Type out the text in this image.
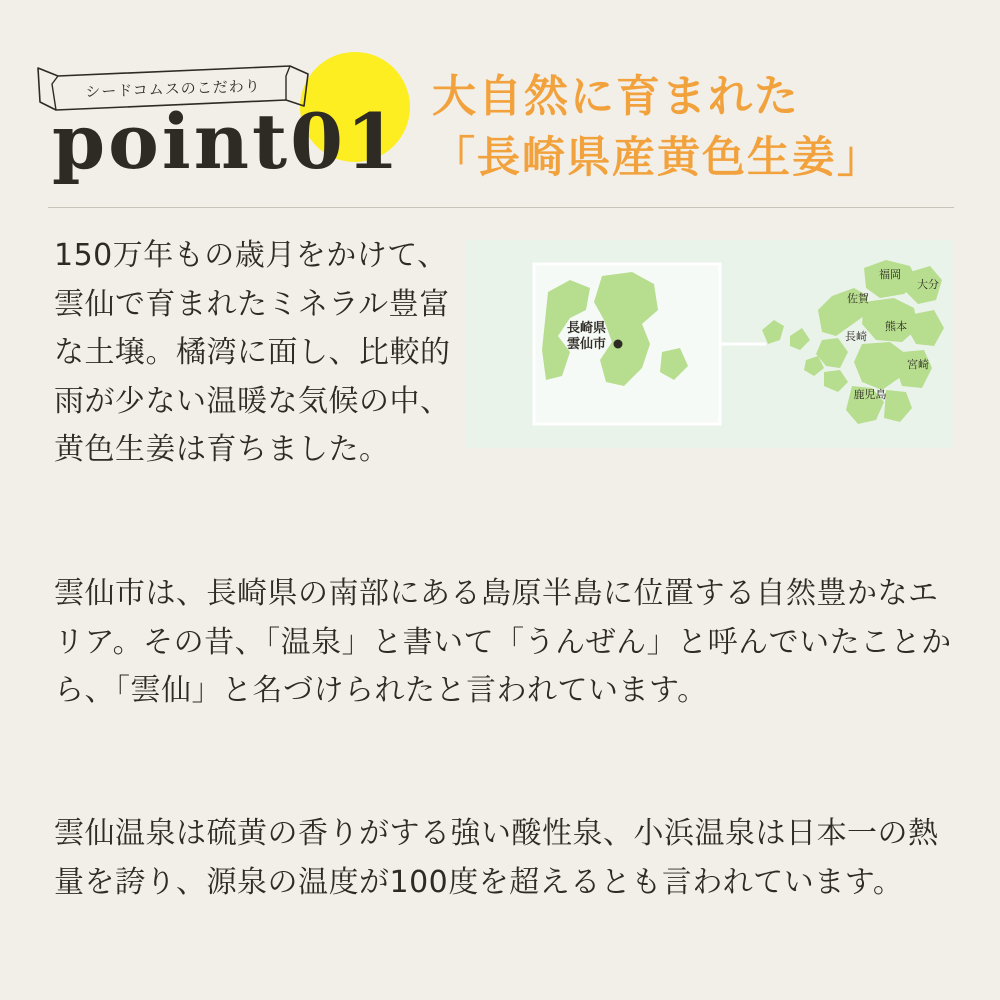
シードコムスのこだわり
point01
大自然に育まれた
「長崎県産黄色生姜」
150万年もの歳月をかけて、雲仙で育まれたミネラル豊富な土壌。橘湾に面し、比較的雨が少ない温暖な気候の中、黄色生姜は育ちました。
長崎県
雲仙市
福岡
佐賀
長崎
大分
熊本
宮崎
鹿児島
雲仙市は、長崎県の南部にある島原半島に位置する自然豊かなエリア。その昔、「温泉」と書いて「うんぜん」と呼んでいたことから、「雲仙」と名づけられたと言われています。
雲仙温泉は硫黄の香りがする強い酸性泉、小浜温泉は日本一の熱量を誇り、源泉の温度が100度を超えるとも言われています。
